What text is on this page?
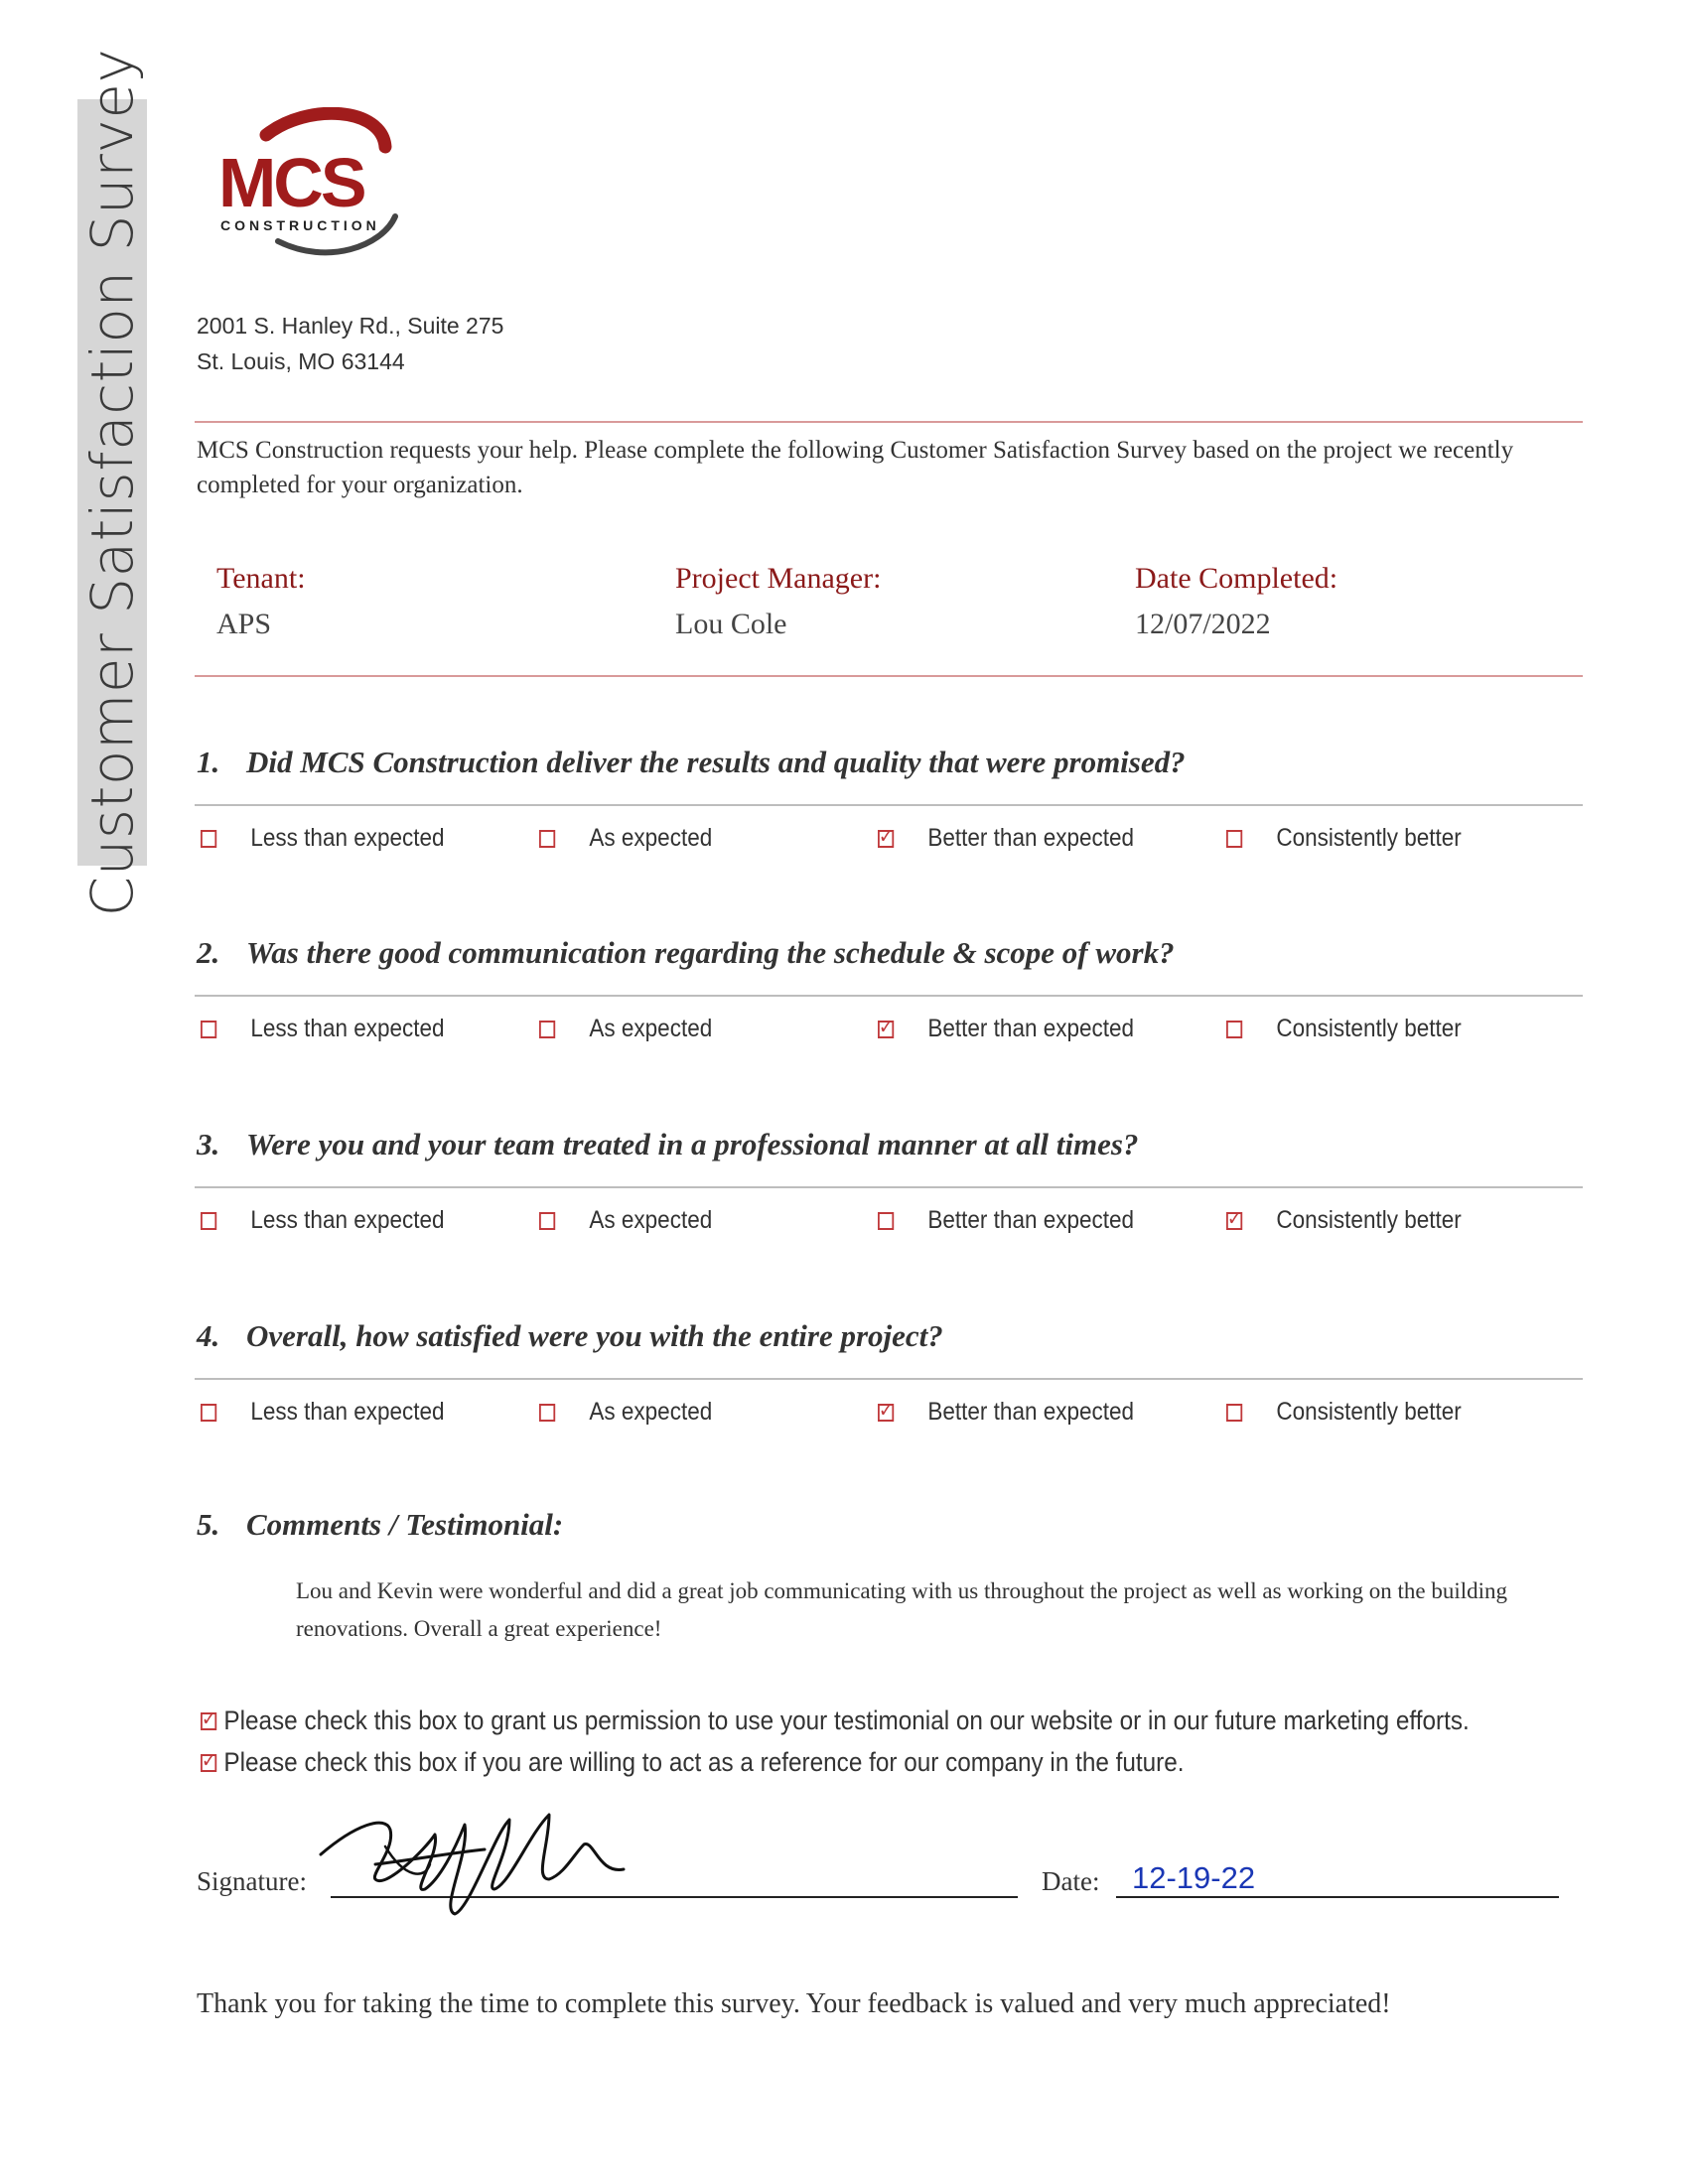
Customer Satisfaction Survey MCS
CONSTRUCTION
2001 S. Hanley Rd., Suite 275
St. Louis, MO 63144
MCS Construction requests your help. Please complete the following Customer Satisfaction Survey based on the project we recently completed for your organization.
Tenant:
APS
Project Manager:
Lou Cole
Date Completed:
12/07/2022
1. Did MCS Construction deliver the results and quality that were promised?
Less than expected	As expected	✓ Better than expected	Consistently better
2. Was there good communication regarding the schedule & scope of work?
Less than expected	As expected	✓ Better than expected	Consistently better
3. Were you and your team treated in a professional manner at all times?
Less than expected	As expected	Better than expected	✓ Consistently better
4. Overall, how satisfied were you with the entire project?
Less than expected	As expected	✓ Better than expected	Consistently better
5. Comments / Testimonial:
Lou and Kevin were wonderful and did a great job communicating with us throughout the project as well as working on the building renovations. Overall a great experience!
✓ Please check this box to grant us permission to use your testimonial on our website or in our future marketing efforts.
✓ Please check this box if you are willing to act as a reference for our company in the future.
Signature:	Date: 12-19-22
Thank you for taking the time to complete this survey. Your feedback is valued and very much appreciated!
